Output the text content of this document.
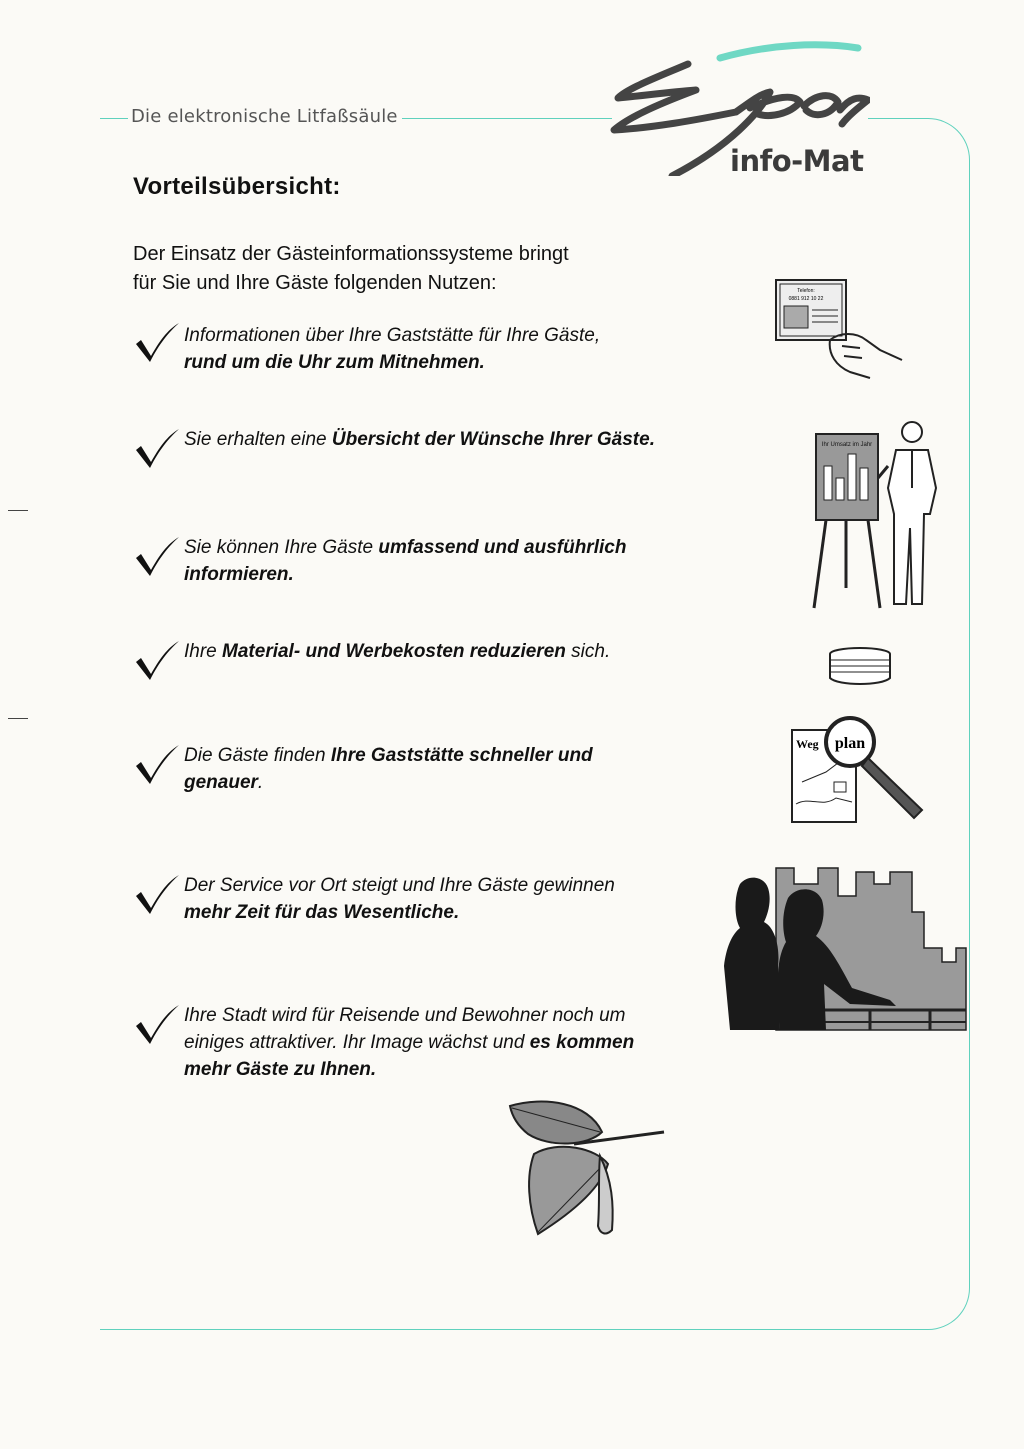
Die elektronische Litfaßsäule
info-Mat
Vorteilsübersicht:
Der Einsatz der Gästeinformationssysteme bringt
für Sie und Ihre Gäste folgenden Nutzen:
Informationen über Ihre Gaststätte für Ihre Gäste,
rund um die Uhr zum Mitnehmen.
Sie erhalten eine Übersicht der Wünsche Ihrer Gäste.
Sie können Ihre Gäste umfassend und ausführlich
informieren.
Ihre Material- und Werbekosten reduzieren sich.
Die Gäste finden Ihre Gaststätte schneller und
genauer.
Der Service vor Ort steigt und Ihre Gäste gewinnen
mehr Zeit für das Wesentliche.
Ihre Stadt wird für Reisende und Bewohner noch um
einiges attraktiver. Ihr Image wächst und es kommen
mehr Gäste zu Ihnen.
Telefon:
0881 912 10 22
Ihr Umsatz im Jahr
Weg plan
